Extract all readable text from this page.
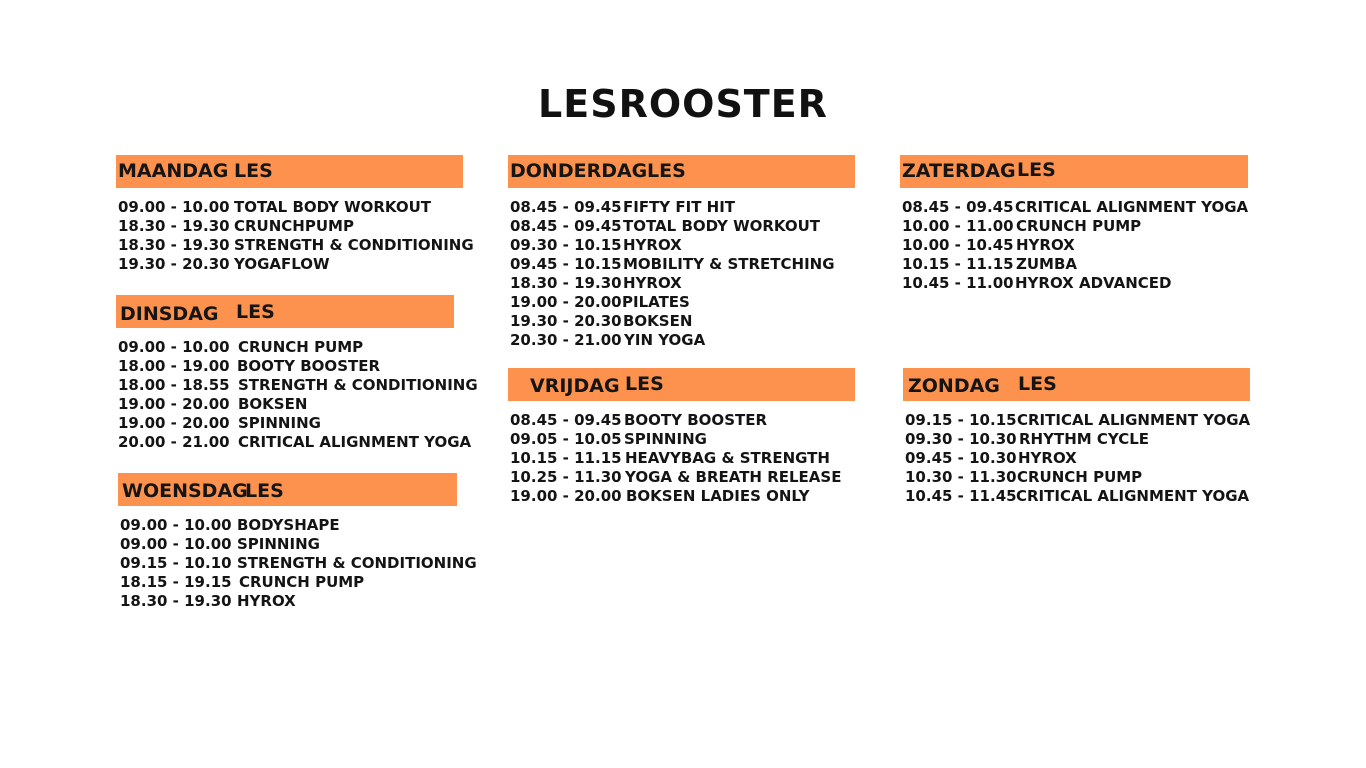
LESROOSTER
MAANDAG LES
09.00 - 10.00 TOTAL BODY WORKOUT
18.30 - 19.30 CRUNCHPUMP
18.30 - 19.30 STRENGTH & CONDITIONING
19.30 - 20.30 YOGAFLOW
DINSDAG LES
09.00 - 10.00 CRUNCH PUMP
18.00 - 19.00 BOOTY BOOSTER
18.00 - 18.55 STRENGTH & CONDITIONING
19.00 - 20.00 BOKSEN
19.00 - 20.00 SPINNING
20.00 - 21.00 CRITICAL ALIGNMENT YOGA
WOENSDAG
LES
09.00 - 10.00 BODYSHAPE
09.00 - 10.00 SPINNING
09.15 - 10.10 STRENGTH & CONDITIONING
18.15 - 19.15 CRUNCH PUMP
18.30 - 19.30 HYROX
DONDERDAG LES
08.45 - 09.45 FIFTY FIT HIT
08.45 - 09.45 TOTAL BODY WORKOUT
09.30 - 10.15 HYROX
09.45 - 10.15 MOBILITY & STRETCHING
18.30 - 19.30 HYROX
19.00 - 20.00 PILATES
19.30 - 20.30 BOKSEN
20.30 - 21.00 YIN YOGA
VRIJDAG LES
08.45 - 09.45 BOOTY BOOSTER
09.05 - 10.05 SPINNING
10.15 - 11.15 HEAVYBAG & STRENGTH
10.25 - 11.30 YOGA & BREATH RELEASE
19.00 - 20.00 BOKSEN LADIES ONLY
ZATERDAG LES
08.45 - 09.45 CRITICAL ALIGNMENT YOGA
10.00 - 11.00 CRUNCH PUMP
10.00 - 10.45 HYROX
10.15 - 11.15 ZUMBA
10.45 - 11.00 HYROX ADVANCED
ZONDAG LES
09.15 - 10.15 CRITICAL ALIGNMENT YOGA
09.30 - 10.30 RHYTHM CYCLE
09.45 - 10.30 HYROX
10.30 - 11.30 CRUNCH PUMP
10.45 - 11.45 CRITICAL ALIGNMENT YOGA
